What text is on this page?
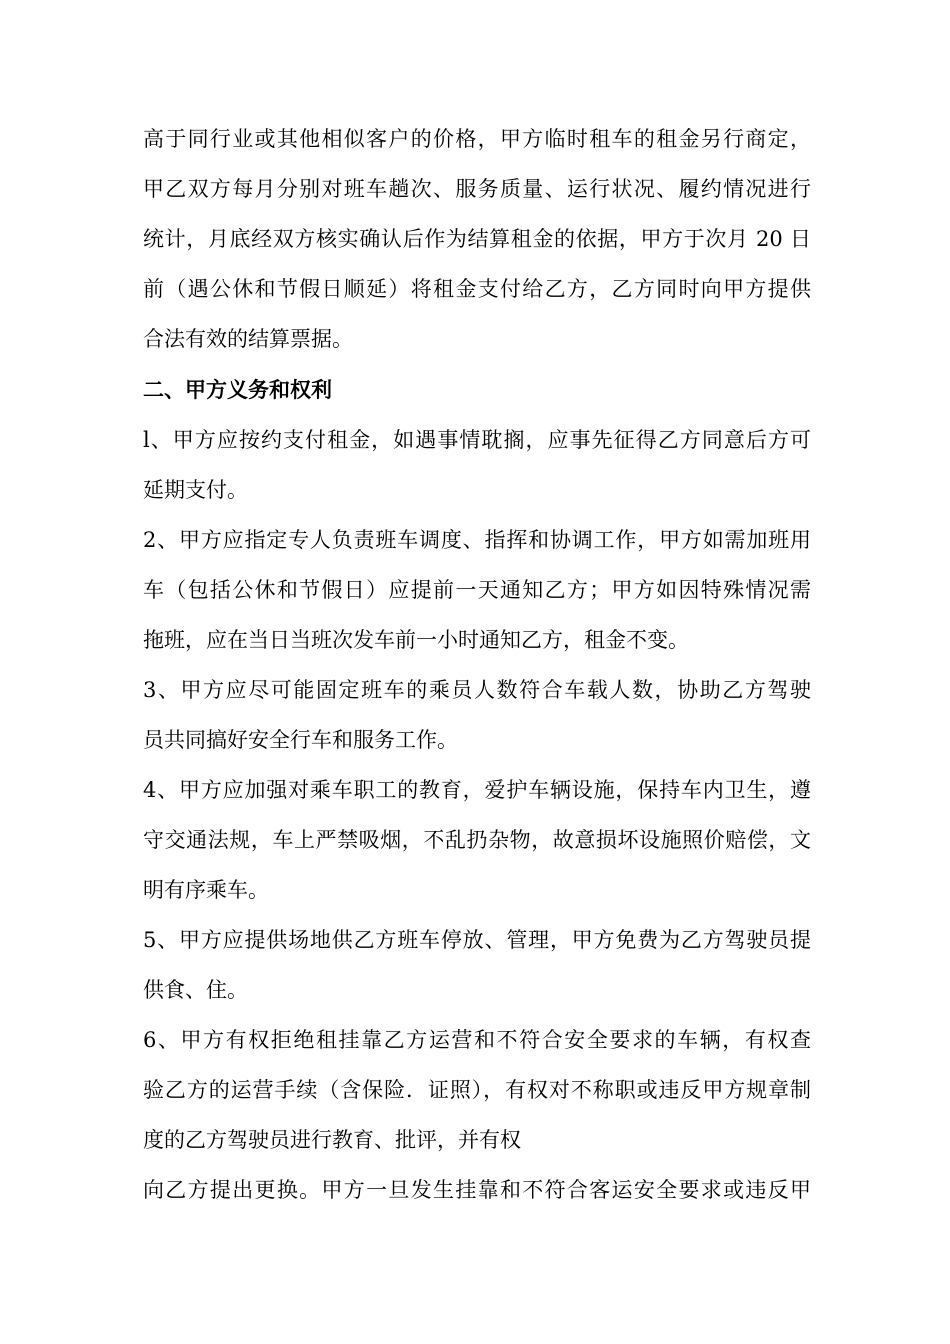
高于同行业或其他相似客户的价格，甲方临时租车的租金另行商定，
甲乙双方每月分别对班车趟次、服务质量、运行状况、履约情况进行
统计，月底经双方核实确认后作为结算租金的依据，甲方于次月 20 日
前（遇公休和节假日顺延）将租金支付给乙方，乙方同时向甲方提供
合法有效的结算票据。
二、甲方义务和权利
l、甲方应按约支付租金，如遇事情耽搁，应事先征得乙方同意后方可
延期支付。
2、甲方应指定专人负责班车调度、指挥和协调工作，甲方如需加班用
车（包括公休和节假日）应提前一天通知乙方；甲方如因特殊情况需
拖班，应在当日当班次发车前一小时通知乙方，租金不变。
3、甲方应尽可能固定班车的乘员人数符合车载人数，协助乙方驾驶
员共同搞好安全行车和服务工作。
4、甲方应加强对乘车职工的教育，爱护车辆设施，保持车内卫生，遵
守交通法规，车上严禁吸烟，不乱扔杂物，故意损坏设施照价赔偿，文
明有序乘车。
5、甲方应提供场地供乙方班车停放、管理，甲方免费为乙方驾驶员提
供食、住。
6、甲方有权拒绝租挂靠乙方运营和不符合安全要求的车辆，有权查
验乙方的运营手续（含保险．证照），有权对不称职或违反甲方规章制
度的乙方驾驶员进行教育、批评，并有权
向乙方提出更换。甲方一旦发生挂靠和不符合客运安全要求或违反甲
